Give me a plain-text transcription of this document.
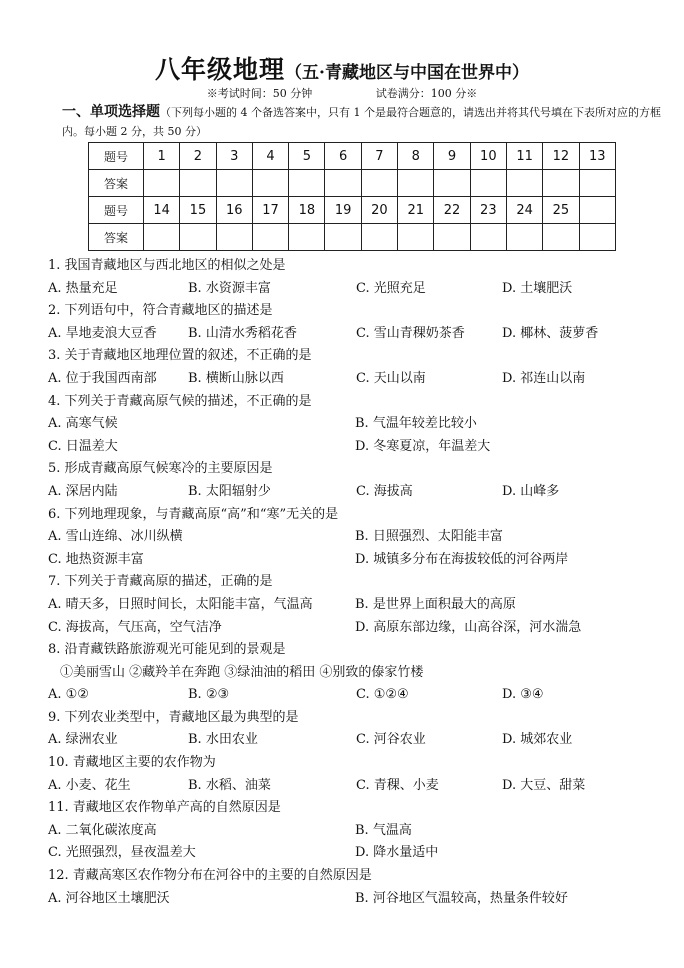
八年级地理（五·青藏地区与中国在世界中）
※考试时间：50 分钟	试卷满分：100 分※
一、单项选择题（下列每小题的 4 个备选答案中，只有 1 个是最符合题意的，请选出并将其代号填在下表所对应的方框内。每小题 2 分，共 50 分）
题号	1	2	3	4	5	6	7	8	9	10	11	12	13
答案													
题号	14	15	16	17	18	19	20	21	22	23	24	25	
答案													
1. 我国青藏地区与西北地区的相似之处是
A. 热量充足	B. 水资源丰富	C. 光照充足	D. 土壤肥沃
2. 下列语句中，符合青藏地区的描述是
A. 旱地麦浪大豆香	B. 山清水秀稻花香	C. 雪山青稞奶茶香	D. 椰林、菠萝香
3. 关于青藏地区地理位置的叙述，不正确的是
A. 位于我国西南部	B. 横断山脉以西	C. 天山以南	D. 祁连山以南
4. 下列关于青藏高原气候的描述，不正确的是
A. 高寒气候	B. 气温年较差比较小
C. 日温差大	D. 冬寒夏凉，年温差大
5. 形成青藏高原气候寒冷的主要原因是
A. 深居内陆	B. 太阳辐射少	C. 海拔高	D. 山峰多
6. 下列地理现象，与青藏高原“高”和“寒”无关的是
A. 雪山连绵、冰川纵横	B. 日照强烈、太阳能丰富
C. 地热资源丰富	D. 城镇多分布在海拔较低的河谷两岸
7. 下列关于青藏高原的描述，正确的是
A. 晴天多，日照时间长，太阳能丰富，气温高	B. 是世界上面积最大的高原
C. 海拔高，气压高，空气洁净	D. 高原东部边缘，山高谷深，河水湍急
8. 沿青藏铁路旅游观光可能见到的景观是
①美丽雪山 ②藏羚羊在奔跑 ③绿油油的稻田 ④别致的傣家竹楼
A. ①②	B. ②③	C. ①②④	D. ③④
9. 下列农业类型中，青藏地区最为典型的是
A. 绿洲农业	B. 水田农业	C. 河谷农业	D. 城郊农业
10. 青藏地区主要的农作物为
A. 小麦、花生	B. 水稻、油菜	C. 青稞、小麦	D. 大豆、甜菜
11. 青藏地区农作物单产高的自然原因是
A. 二氧化碳浓度高	B. 气温高
C. 光照强烈，昼夜温差大	D. 降水量适中
12. 青藏高寒区农作物分布在河谷中的主要的自然原因是
A. 河谷地区土壤肥沃	B. 河谷地区气温较高，热量条件较好
